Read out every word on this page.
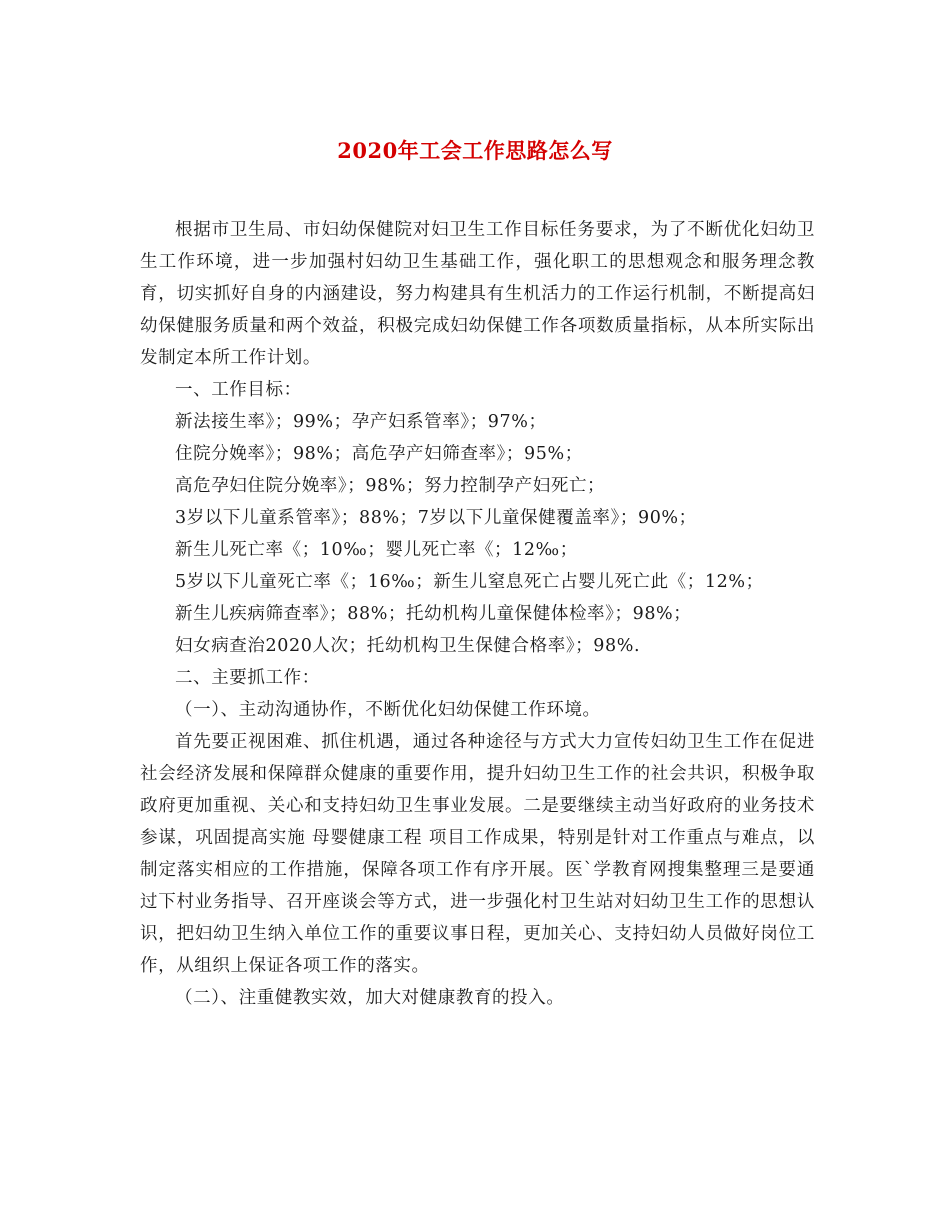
2020年工会工作思路怎么写

根据市卫生局、市妇幼保健院对妇卫生工作目标任务要求，为了不断优化妇幼卫生工作环境，进一步加强村妇幼卫生基础工作，强化职工的思想观念和服务理念教育，切实抓好自身的内涵建设，努力构建具有生机活力的工作运行机制，不断提高妇幼保健服务质量和两个效益，积极完成妇幼保健工作各项数质量指标，从本所实际出发制定本所工作计划。

一、工作目标：

新法接生率》；99%；孕产妇系管率》；97%；

住院分娩率》；98%；高危孕产妇筛查率》；95%；

高危孕妇住院分娩率》；98%；努力控制孕产妇死亡；

3岁以下儿童系管率》；88%；7岁以下儿童保健覆盖率》；90%；

新生儿死亡率《；10‰；婴儿死亡率《；12‰；

5岁以下儿童死亡率《；16‰；新生儿窒息死亡占婴儿死亡此《；12%；

新生儿疾病筛查率》；88%；托幼机构儿童保健体检率》；98%；

妇女病查治2020人次；托幼机构卫生保健合格率》；98%.

二、主要抓工作：

（一）、主动沟通协作，不断优化妇幼保健工作环境。

首先要正视困难、抓住机遇，通过各种途径与方式大力宣传妇幼卫生工作在促进社会经济发展和保障群众健康的重要作用，提升妇幼卫生工作的社会共识，积极争取政府更加重视、关心和支持妇幼卫生事业发展。二是要继续主动当好政府的业务技术参谋，巩固提高实施 母婴健康工程 项目工作成果，特别是针对工作重点与难点，以制定落实相应的工作措施，保障各项工作有序开展。医`学教育网搜集整理三是要通过下村业务指导、召开座谈会等方式，进一步强化村卫生站对妇幼卫生工作的思想认识，把妇幼卫生纳入单位工作的重要议事日程，更加关心、支持妇幼人员做好岗位工作，从组织上保证各项工作的落实。

（二）、注重健教实效，加大对健康教育的投入。
